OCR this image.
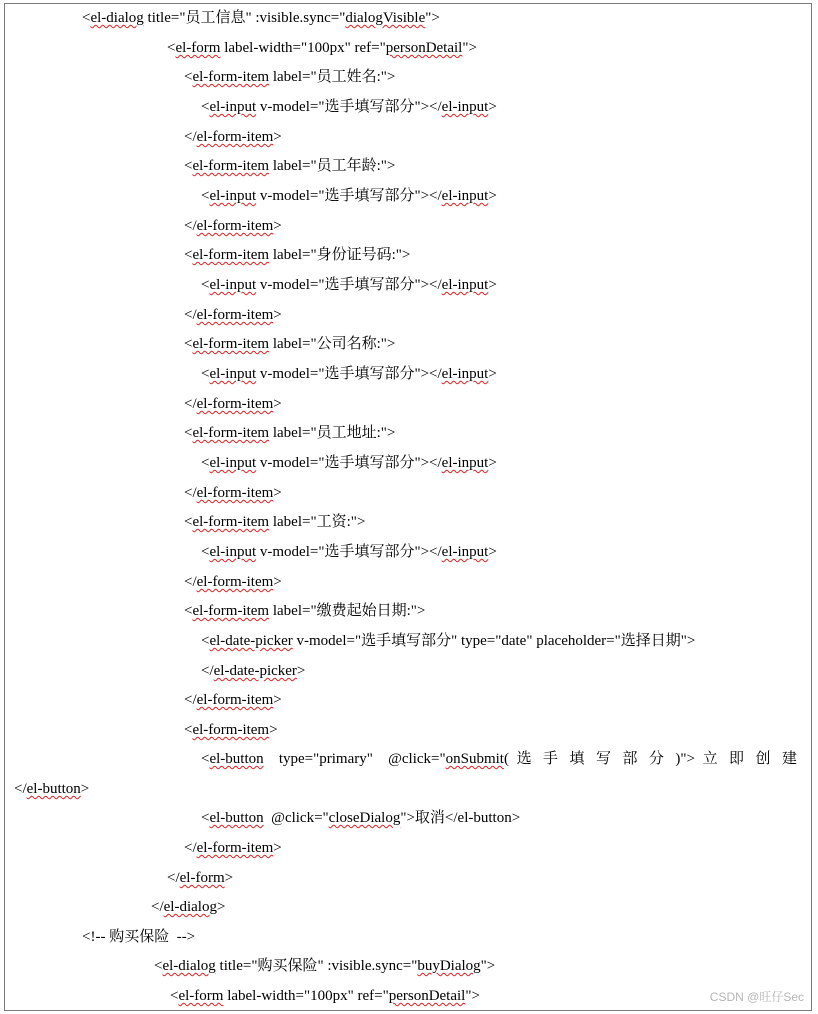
<el-dialog title="员工信息" :visible.sync="dialogVisible">
<el-form label-width="100px" ref="personDetail">
<el-form-item label="员工姓名:">
<el-input v-model="选手填写部分"></el-input>
</el-form-item>
<el-form-item label="员工年龄:">
<el-input v-model="选手填写部分"></el-input>
</el-form-item>
<el-form-item label="身份证号码:">
<el-input v-model="选手填写部分"></el-input>
</el-form-item>
<el-form-item label="公司名称:">
<el-input v-model="选手填写部分"></el-input>
</el-form-item>
<el-form-item label="员工地址:">
<el-input v-model="选手填写部分"></el-input>
</el-form-item>
<el-form-item label="工资:">
<el-input v-model="选手填写部分"></el-input>
</el-form-item>
<el-form-item label="缴费起始日期:">
<el-date-picker v-model="选手填写部分" type="date" placeholder="选择日期">
</el-date-picker>
</el-form-item>
<el-form-item>
<el-button  type="primary"  @click="onSubmit( 选 手 填 写 部 分 )"> 立 即 创 建
</el-button>
<el-button  @click="closeDialog">取消</el-button>
</el-form-item>
</el-form>
</el-dialog>
<!-- 购买保险  -->
<el-dialog title="购买保险" :visible.sync="buyDialog">
<el-form label-width="100px" ref="personDetail">	CSDN @旺仔Sec
